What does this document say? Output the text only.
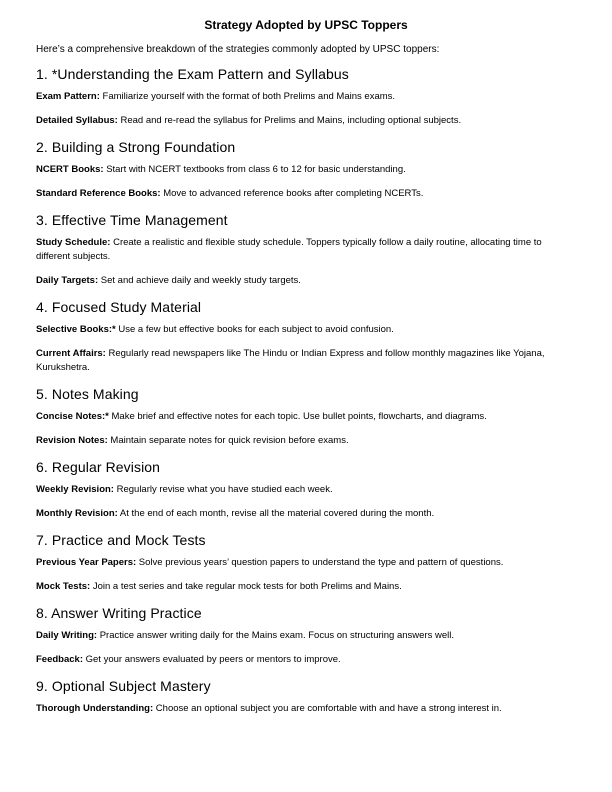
Strategy Adopted by UPSC Toppers
Here’s a comprehensive breakdown of the strategies commonly adopted by UPSC toppers:
1. *Understanding the Exam Pattern and Syllabus
Exam Pattern: Familiarize yourself with the format of both Prelims and Mains exams.
Detailed Syllabus: Read and re-read the syllabus for Prelims and Mains, including optional subjects.
2. Building a Strong Foundation
NCERT Books: Start with NCERT textbooks from class 6 to 12 for basic understanding.
Standard Reference Books: Move to advanced reference books after completing NCERTs.
3. Effective Time Management
Study Schedule: Create a realistic and flexible study schedule. Toppers typically follow a daily routine, allocating time to different subjects.
Daily Targets: Set and achieve daily and weekly study targets.
4. Focused Study Material
Selective Books:* Use a few but effective books for each subject to avoid confusion.
Current Affairs: Regularly read newspapers like The Hindu or Indian Express and follow monthly magazines like Yojana, Kurukshetra.
5. Notes Making
Concise Notes:* Make brief and effective notes for each topic. Use bullet points, flowcharts, and diagrams.
Revision Notes: Maintain separate notes for quick revision before exams.
6. Regular Revision
Weekly Revision: Regularly revise what you have studied each week.
Monthly Revision: At the end of each month, revise all the material covered during the month.
7. Practice and Mock Tests
Previous Year Papers: Solve previous years’ question papers to understand the type and pattern of questions.
Mock Tests: Join a test series and take regular mock tests for both Prelims and Mains.
8. Answer Writing Practice
Daily Writing: Practice answer writing daily for the Mains exam. Focus on structuring answers well.
Feedback: Get your answers evaluated by peers or mentors to improve.
9. Optional Subject Mastery
Thorough Understanding: Choose an optional subject you are comfortable with and have a strong interest in.
